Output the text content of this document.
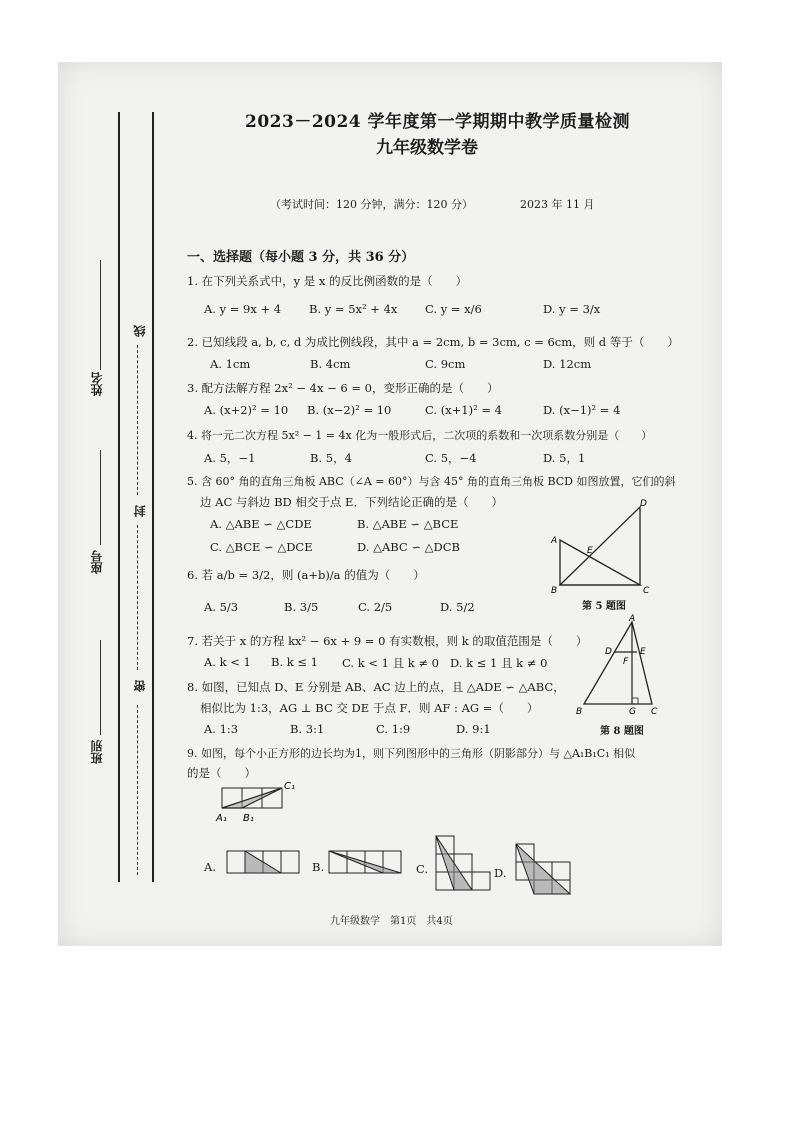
姓名
座号
班别
线
封
密
2023－2024 学年度第一学期期中教学质量检测
九年级数学卷
（考试时间：120 分钟，满分：120 分）	2023 年 11 月
一、选择题（每小题 3 分，共 36 分）
1. 在下列关系式中，y 是 x 的反比例函数的是（　　）
A. y = 9x + 4 B. y = 5x² + 4x C. y = x/6	D. y = 3/x
2. 已知线段 a, b, c, d 为成比例线段，其中 a = 2cm, b = 3cm, c = 6cm，则 d 等于（　　）
A. 1cm	B. 4cm	C. 9cm	D. 12cm
3. 配方法解方程 2x² − 4x − 6 = 0，变形正确的是（　　）
A. (x+2)² = 10 B. (x−2)² = 10	C. (x+1)² = 4	D. (x−1)² = 4
4. 将一元二次方程 5x² − 1 = 4x 化为一般形式后，二次项的系数和一次项系数分别是（　　）
A. 5，−1	B. 5，4	C. 5，−4	D. 5，1
5. 含 60° 角的直角三角板 ABC（∠A = 60°）与含 45° 角的直角三角板 BCD 如图放置，它们的斜
边 AC 与斜边 BD 相交于点 E．下列结论正确的是（　　）
A. △ABE ∽ △CDE	B. △ABE ∽ △BCE
C. △BCE ∽ △DCE	D. △ABC ∽ △DCB	A
B	C
D
E
第 5 题图
6. 若 a/b = 3/2，则 (a+b)/a 的值为（　　）
A. 5/3	B. 3/5	C. 2/5	D. 5/2
7. 若关于 x 的方程 kx² − 6x + 9 = 0 有实数根，则 k 的取值范围是（　　）
A. k < 1 B. k ≤ 1 C. k < 1 且 k ≠ 0 D. k ≤ 1 且 k ≠ 0
8. 如图，已知点 D、E 分别是 AB、AC 边上的点，且 △ADE ∽ △ABC，
相似比为 1:3，AG ⊥ BC 交 DE 于点 F．则 AF : AG =（　　）
A. 1:3	B. 3:1	C. 1:9	D. 9:1
A
B	C
D	E
F
G
第 8 题图
9. 如图，每个小正方形的边长均为1，则下列图形中的三角形（阴影部分）与 △A₁B₁C₁ 相似
的是（　　）
A₁ B₁
C₁
A.	B.	C.	D.
九年级数学　第1页　共4页
